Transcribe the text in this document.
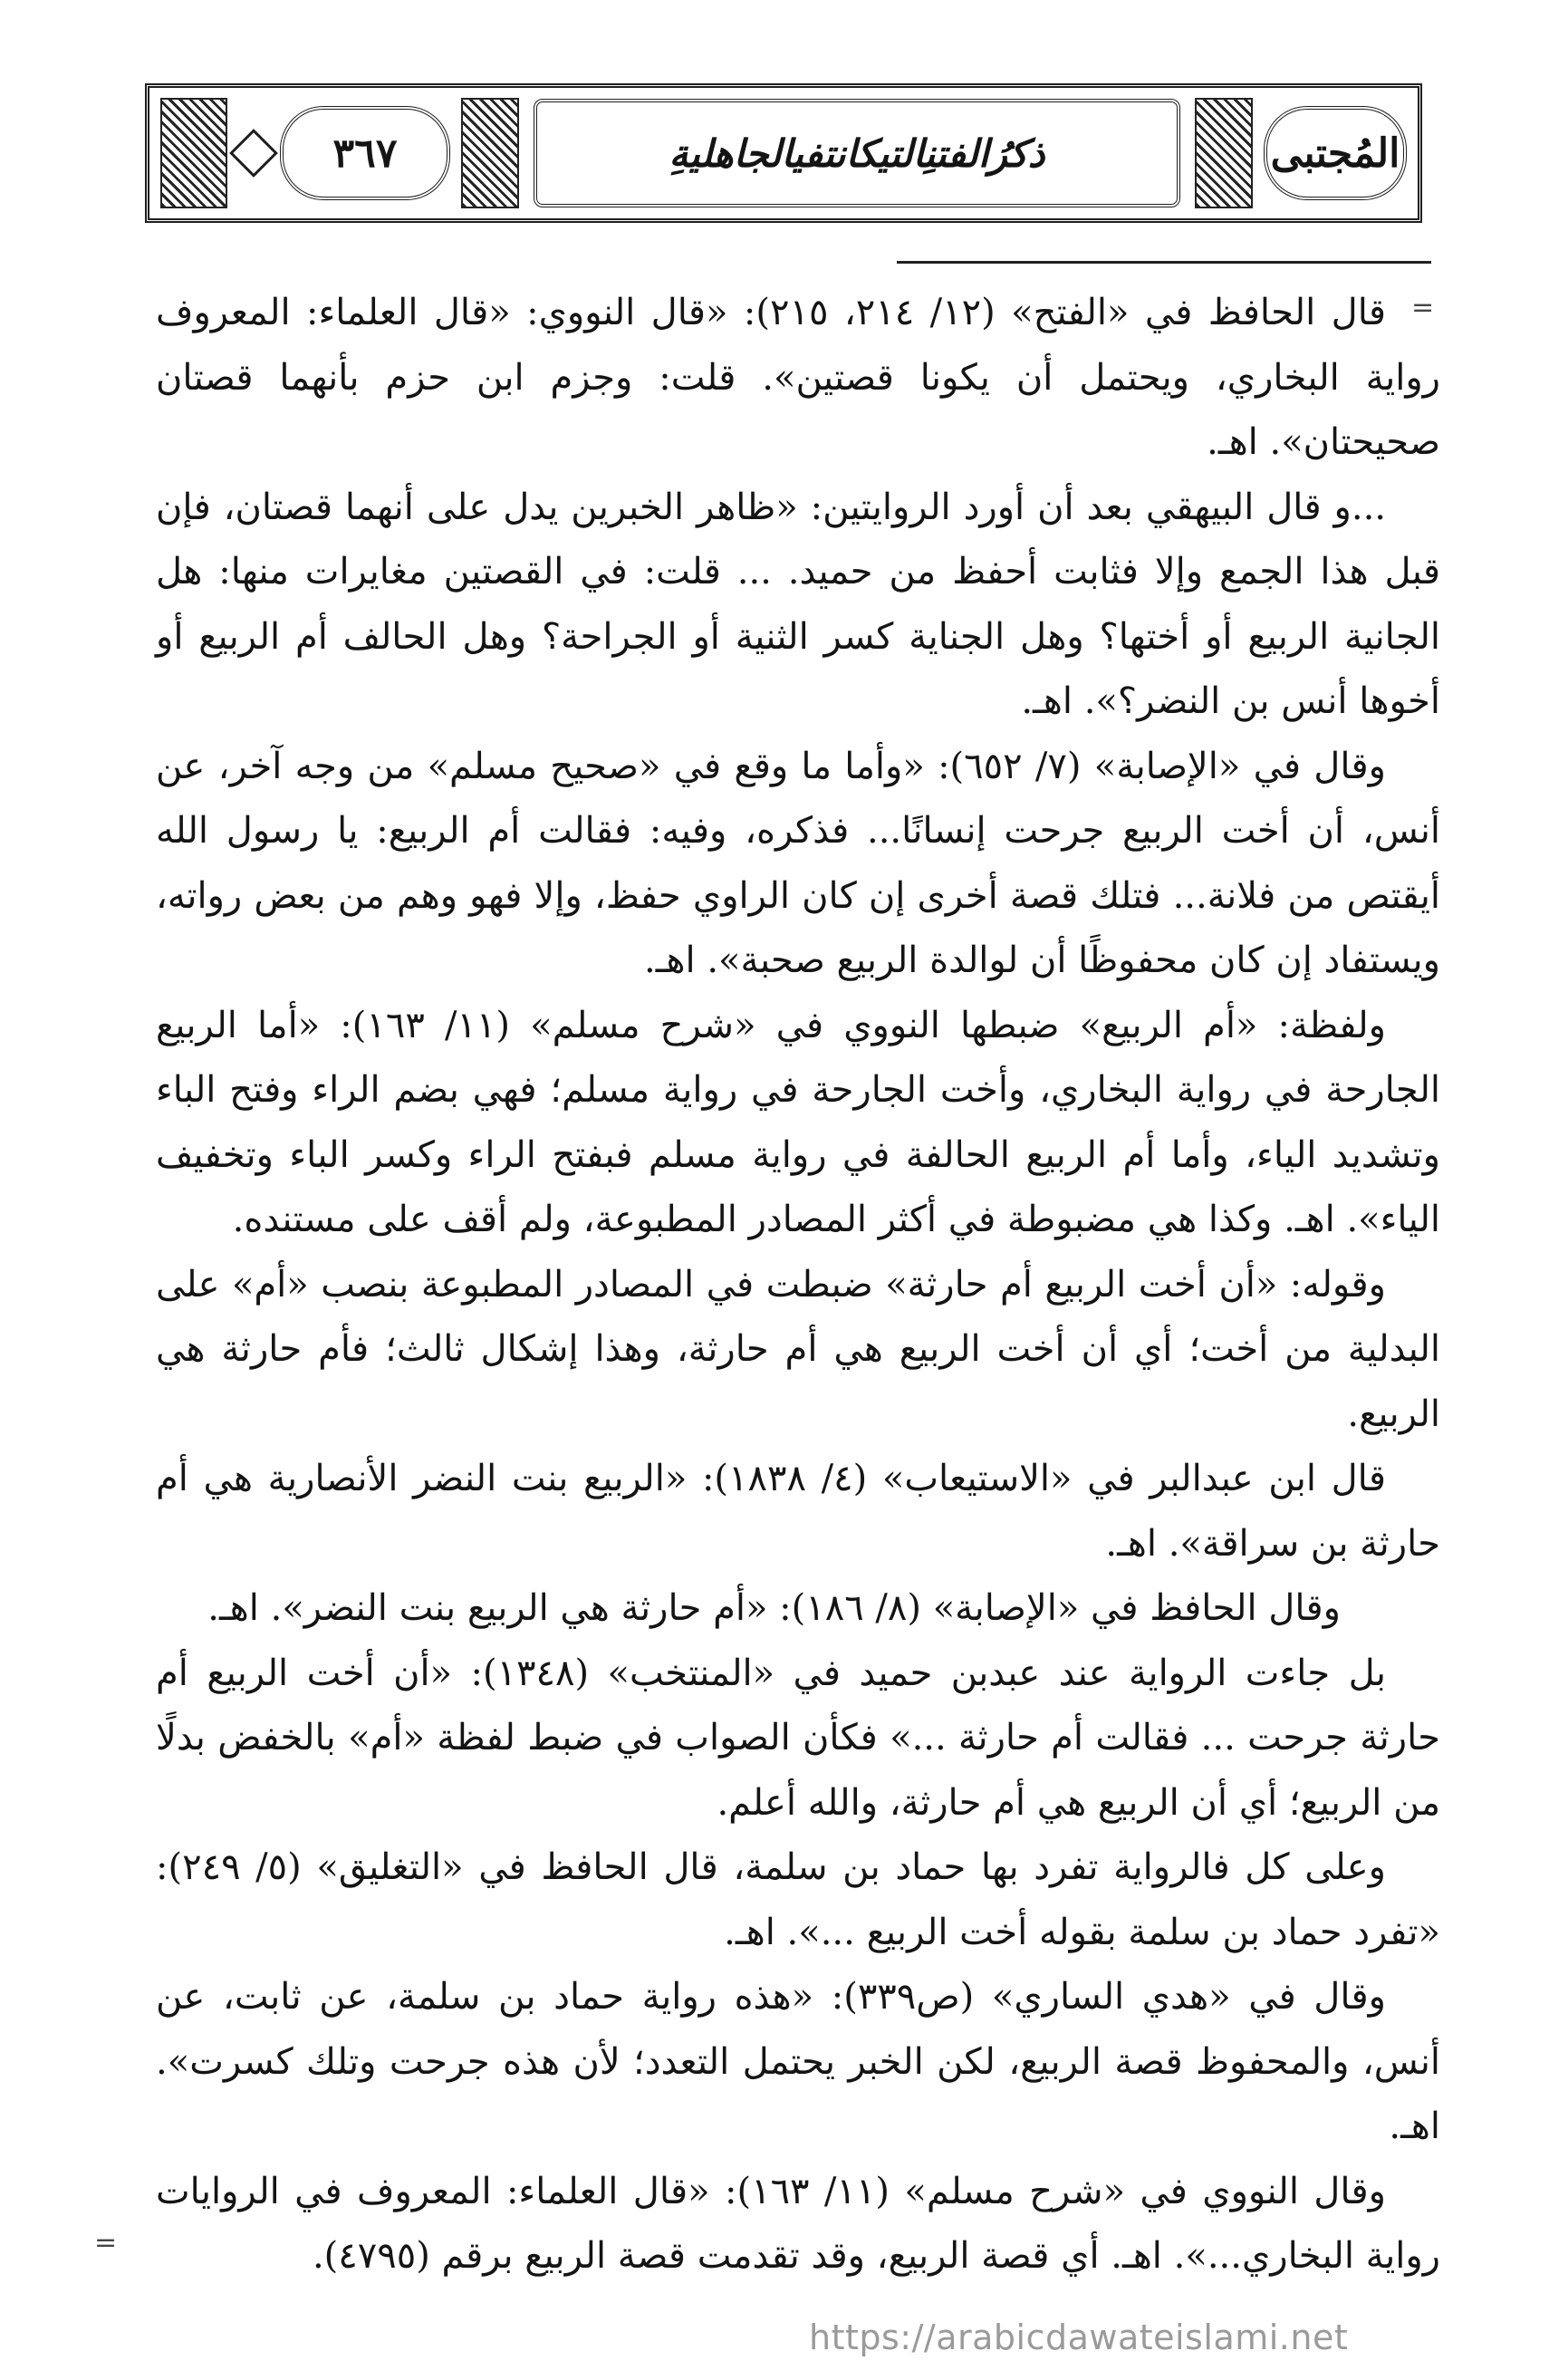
٣٦٧	ذكرُالفتنِالتيكانتفيالجاهليةِ	المُجتبى
=
=

قال الحافظ في «الفتح» (١٢/ ٢١٤، ٢١٥): «قال النووي: «قال العلماء: المعروف رواية البخاري، ويحتمل أن يكونا قصتين». قلت: وجزم ابن حزم بأنهما قصتان صحيحتان». اهـ.

...و قال البيهقي بعد أن أورد الروايتين: «ظاهر الخبرين يدل على أنهما قصتان، فإن قبل هذا الجمع وإلا فثابت أحفظ من حميد. ... قلت: في القصتين مغايرات منها: هل الجانية الربيع أو أختها؟ وهل الجناية كسر الثنية أو الجراحة؟ وهل الحالف أم الربيع أو أخوها أنس بن النضر؟». اهـ.

وقال في «الإصابة» (٧/ ٦٥٢): «وأما ما وقع في «صحيح مسلم» من وجه آخر، عن أنس، أن أخت الربيع جرحت إنسانًا... فذكره، وفيه: فقالت أم الربيع: يا رسول الله أيقتص من فلانة... فتلك قصة أخرى إن كان الراوي حفظ، وإلا فهو وهم من بعض رواته، ويستفاد إن كان محفوظًا أن لوالدة الربيع صحبة». اهـ.

ولفظة: «أم الربيع» ضبطها النووي في «شرح مسلم» (١١/ ١٦٣): «أما الربيع الجارحة في رواية البخاري، وأخت الجارحة في رواية مسلم؛ فهي بضم الراء وفتح الباء وتشديد الياء، وأما أم الربيع الحالفة في رواية مسلم فبفتح الراء وكسر الباء وتخفيف الياء». اهـ. وكذا هي مضبوطة في أكثر المصادر المطبوعة، ولم أقف على مستنده.

وقوله: «أن أخت الربيع أم حارثة» ضبطت في المصادر المطبوعة بنصب «أم» على البدلية من أخت؛ أي أن أخت الربيع هي أم حارثة، وهذا إشكال ثالث؛ فأم حارثة هي الربيع.

قال ابن عبدالبر في «الاستيعاب» (٤/ ١٨٣٨): «الربيع بنت النضر الأنصارية هي أم حارثة بن سراقة». اهـ.

وقال الحافظ في «الإصابة» (٨/ ١٨٦): «أم حارثة هي الربيع بنت النضر». اهـ.

بل جاءت الرواية عند عبدبن حميد في «المنتخب» (١٣٤٨): «أن أخت الربيع أم حارثة جرحت ... فقالت أم حارثة ...» فكأن الصواب في ضبط لفظة «أم» بالخفض بدلًا من الربيع؛ أي أن الربيع هي أم حارثة، والله أعلم.

وعلى كل فالرواية تفرد بها حماد بن سلمة، قال الحافظ في «التغليق» (٥/ ٢٤٩): «تفرد حماد بن سلمة بقوله أخت الربيع ...». اهـ.

وقال في «هدي الساري» (ص٣٣٩): «هذه رواية حماد بن سلمة، عن ثابت، عن أنس، والمحفوظ قصة الربيع، لكن الخبر يحتمل التعدد؛ لأن هذه جرحت وتلك كسرت». اهـ.

وقال النووي في «شرح مسلم» (١١/ ١٦٣): «قال العلماء: المعروف في الروايات رواية البخاري...». اهـ. أي قصة الربيع، وقد تقدمت قصة الربيع برقم (٤٧٩٥).

https://arabicdawateislami.net
